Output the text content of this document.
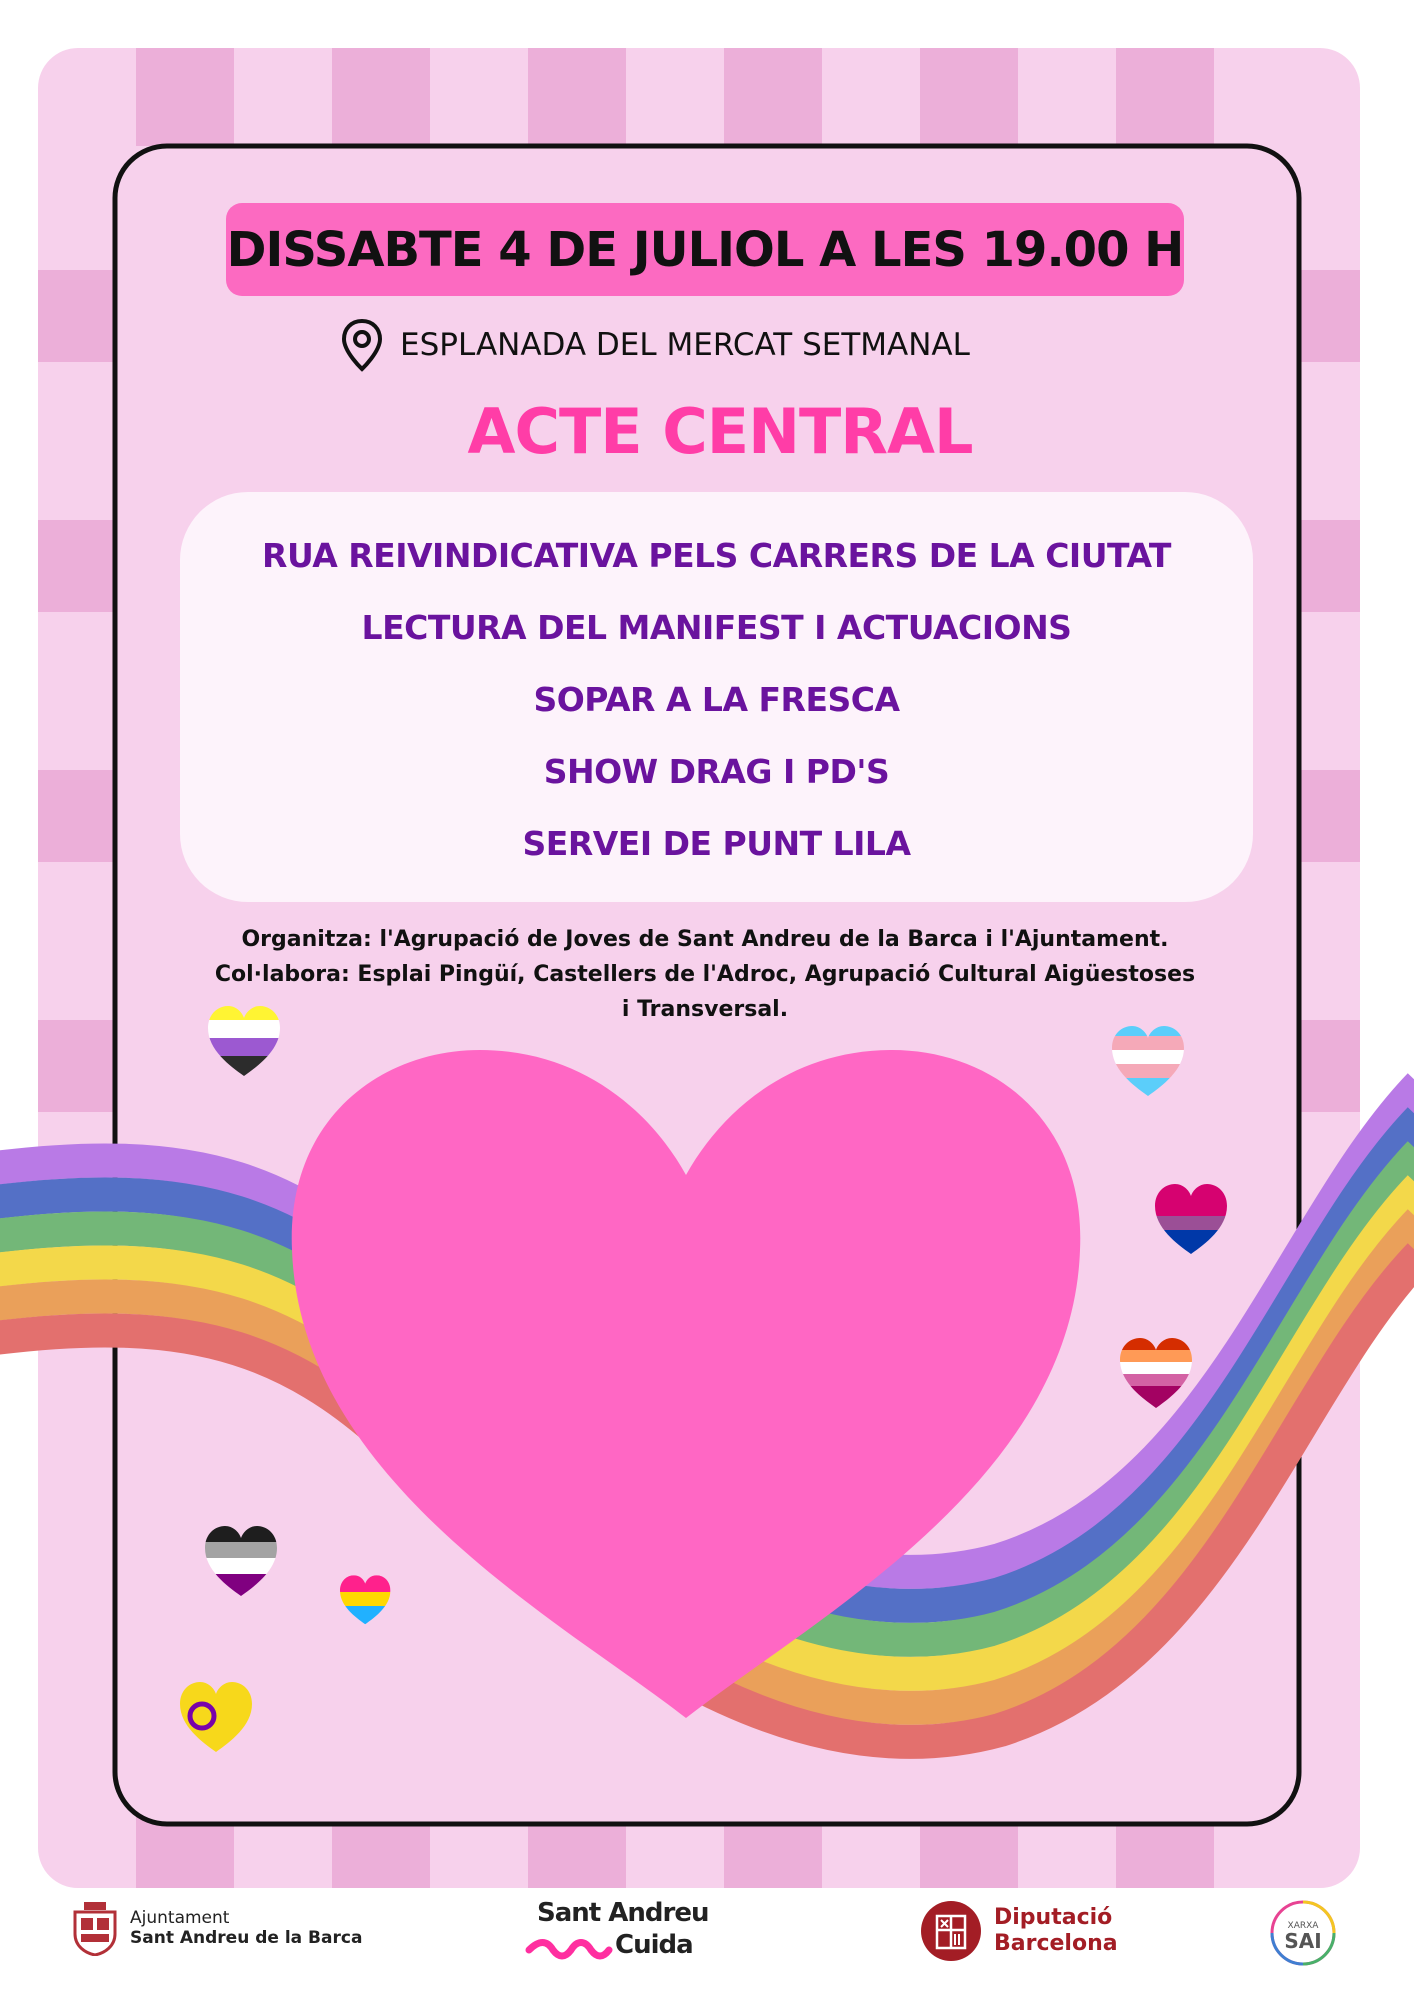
DISSABTE 4 DE JULIOL A LES 19.00 H
ESPLANADA DEL MERCAT SETMANAL
ACTE CENTRAL
RUA REIVINDICATIVA PELS CARRERS DE LA CIUTAT
LECTURA DEL MANIFEST I ACTUACIONS
SOPAR A LA FRESCA
SHOW DRAG I PD'S
SERVEI DE PUNT LILA
Organitza: l'Agrupació de Joves de Sant Andreu de la Barca i l'Ajuntament.
Col·labora: Esplai Pingüí, Castellers de l'Adroc, Agrupació Cultural Aigüestoses
i Transversal.
Ajuntament
Sant Andreu de la Barca
Sant Andreu
Cuida
Diputació
Barcelona
XARXA
SAI
